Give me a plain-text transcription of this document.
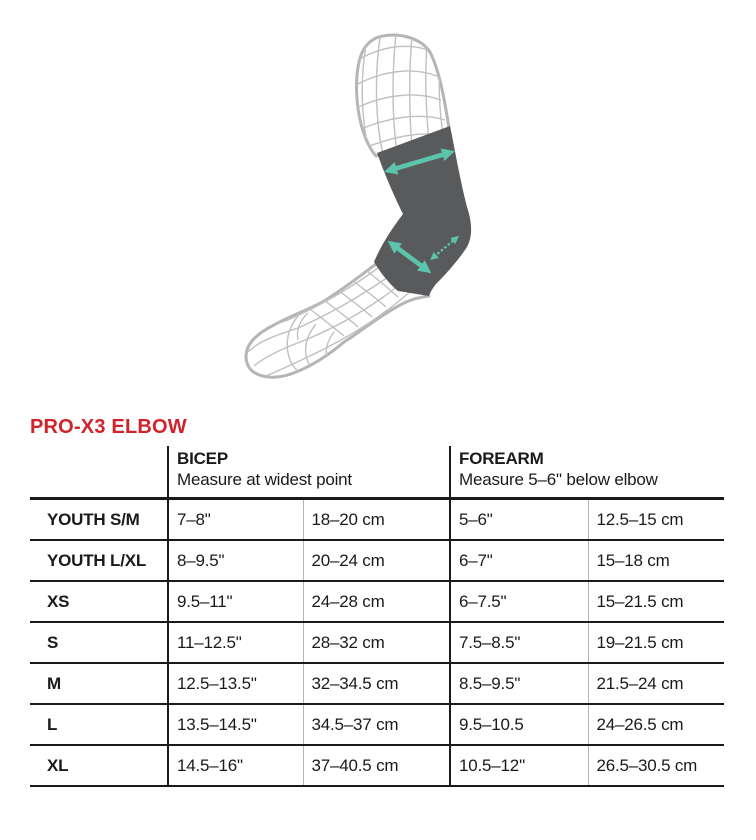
PRO-X3 ELBOW

BICEP
Measure at widest point

FOREARM
Measure 5–6" below elbow

YOUTH S/M	7–8"	18–20 cm	5–6"	12.5–15 cm
YOUTH L/XL	8–9.5"	20–24 cm	6–7"	15–18 cm
XS	9.5–11"	24–28 cm	6–7.5"	15–21.5 cm
S	11–12.5"	28–32 cm	7.5–8.5"	19–21.5 cm
M	12.5–13.5"	32–34.5 cm	8.5–9.5"	21.5–24 cm
L	13.5–14.5"	34.5–37 cm	9.5–10.5	24–26.5 cm
XL	14.5–16"	37–40.5 cm	10.5–12"	26.5–30.5 cm
